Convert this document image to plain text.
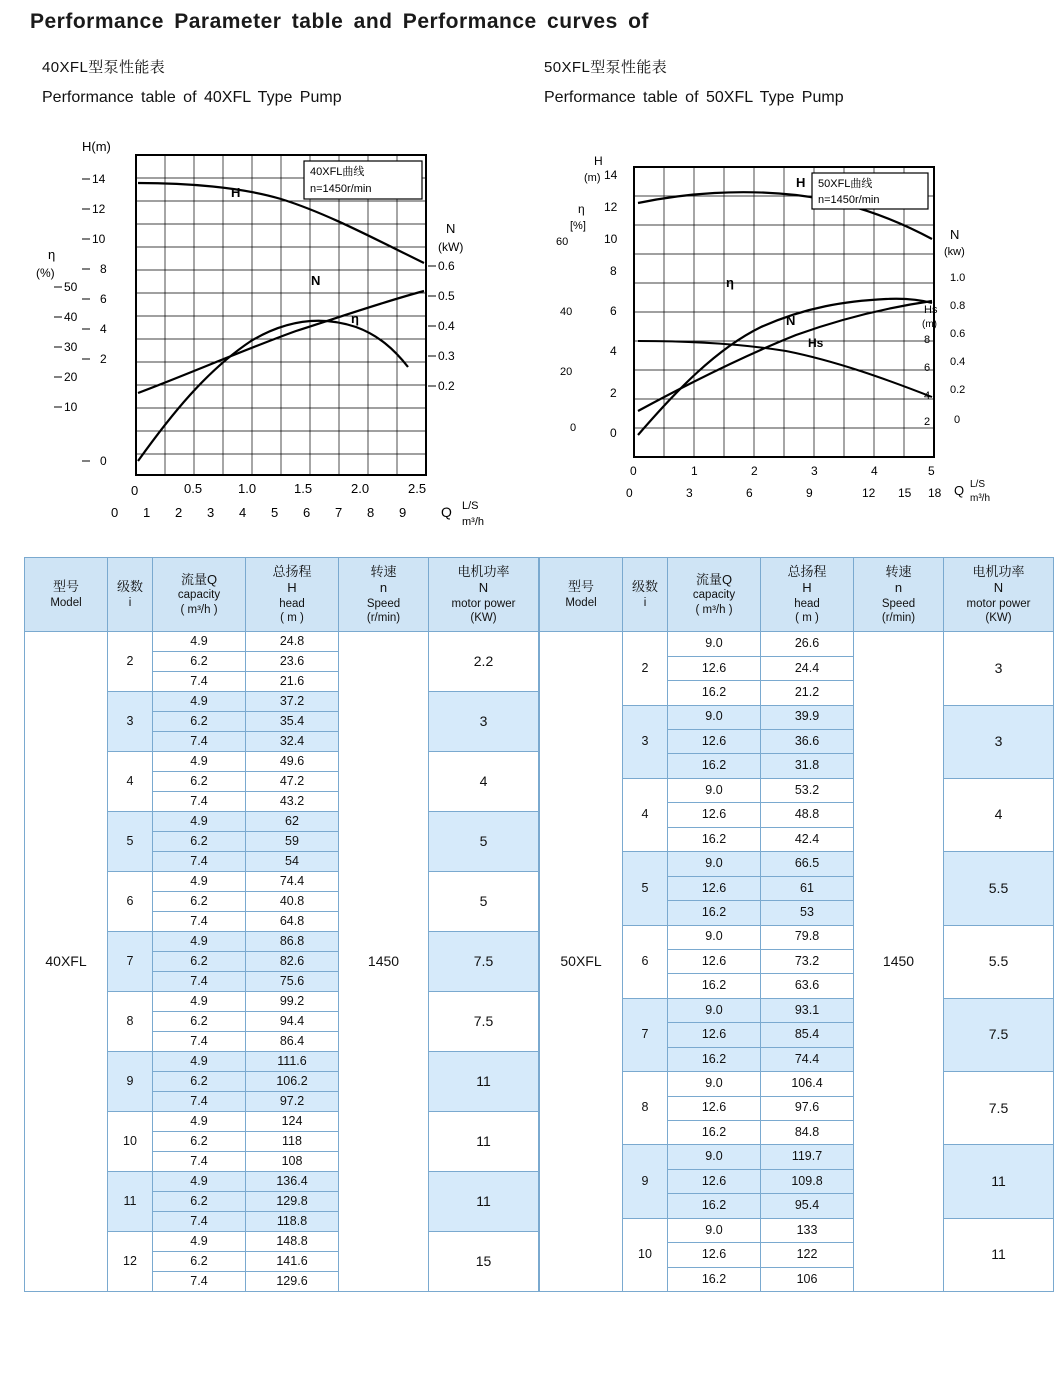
Performance Parameter table and Performance curves of
40XFL型泵性能表
Performance table of 40XFL Type Pump
50XFL型泵性能表
Performance table of 50XFL Type Pump
H(m)
η
(%)
N
(kW)
14
12
10
8
6
4
2
0
50
40
30
20
10
0.6
0.5
0.4
0.3
0.2
H
N
η
0	0.5	1.0	1.5	2.0	2.5
0 1 2 3 4 5 6 7 8 9 Q L/S
m³/h
40XFL曲线
n=1450r/min
H
(m)
η
[%]
60
40
20
0
14
12
10
8
6
4
2
0
N
(kw)
1.0
0.8
0.6
0.4
0.2
0
Hs
(m)
8
6
4
2
H
N
η
Hs
0	1	2	3	4	5
0	3	6	9	12 15 18 Q L/S
m³/h
50XFL曲线
n=1450r/min
型号
Model	级数
i	流量Q
capacity
( m³/h )	总扬程
H
head
( m )	转速
n
Speed
(r/min)	电机功率
N
motor power
(KW)

40XFL	2	4.9	24.8	1450	2.2
		6.2	23.6		
		7.4	21.6		
	3	4.9	37.2		3
		6.2	35.4		
		7.4	32.4		
	4	4.9	49.6		4
		6.2	47.2		
		7.4	43.2		
	5	4.9	62		5
		6.2	59		
		7.4	54		
	6	4.9	74.4		5
		6.2	40.8		
		7.4	64.8		
	7	4.9	86.8		7.5
		6.2	82.6		
		7.4	75.6		
	8	4.9	99.2		7.5
		6.2	94.4		
		7.4	86.4		
	9	4.9	111.6		11
		6.2	106.2		
		7.4	97.2		
	10	4.9	124		11
		6.2	118		
		7.4	108		
	11	4.9	136.4		11
		6.2	129.8		
		7.4	118.8		
	12	4.9	148.8		15
		6.2	141.6		
		7.4	129.6		
型号
Model	级数
i	流量Q
capacity
( m³/h )	总扬程
H
head
( m )	转速
n
Speed
(r/min)	电机功率
N
motor power
(KW)

50XFL	2	9.0	26.6	1450	3
		12.6	24.4		
		16.2	21.2		
	3	9.0	39.9		3
		12.6	36.6		
		16.2	31.8		
	4	9.0	53.2		4
		12.6	48.8		
		16.2	42.4		
	5	9.0	66.5		5.5
		12.6	61		
		16.2	53		
	6	9.0	79.8		5.5
		12.6	73.2		
		16.2	63.6		
	7	9.0	93.1		7.5
		12.6	85.4		
		16.2	74.4		
	8	9.0	106.4		7.5
		12.6	97.6		
		16.2	84.8		
	9	9.0	119.7		11
		12.6	109.8		
		16.2	95.4		
	10	9.0	133		11
		12.6	122		
		16.2	106		
